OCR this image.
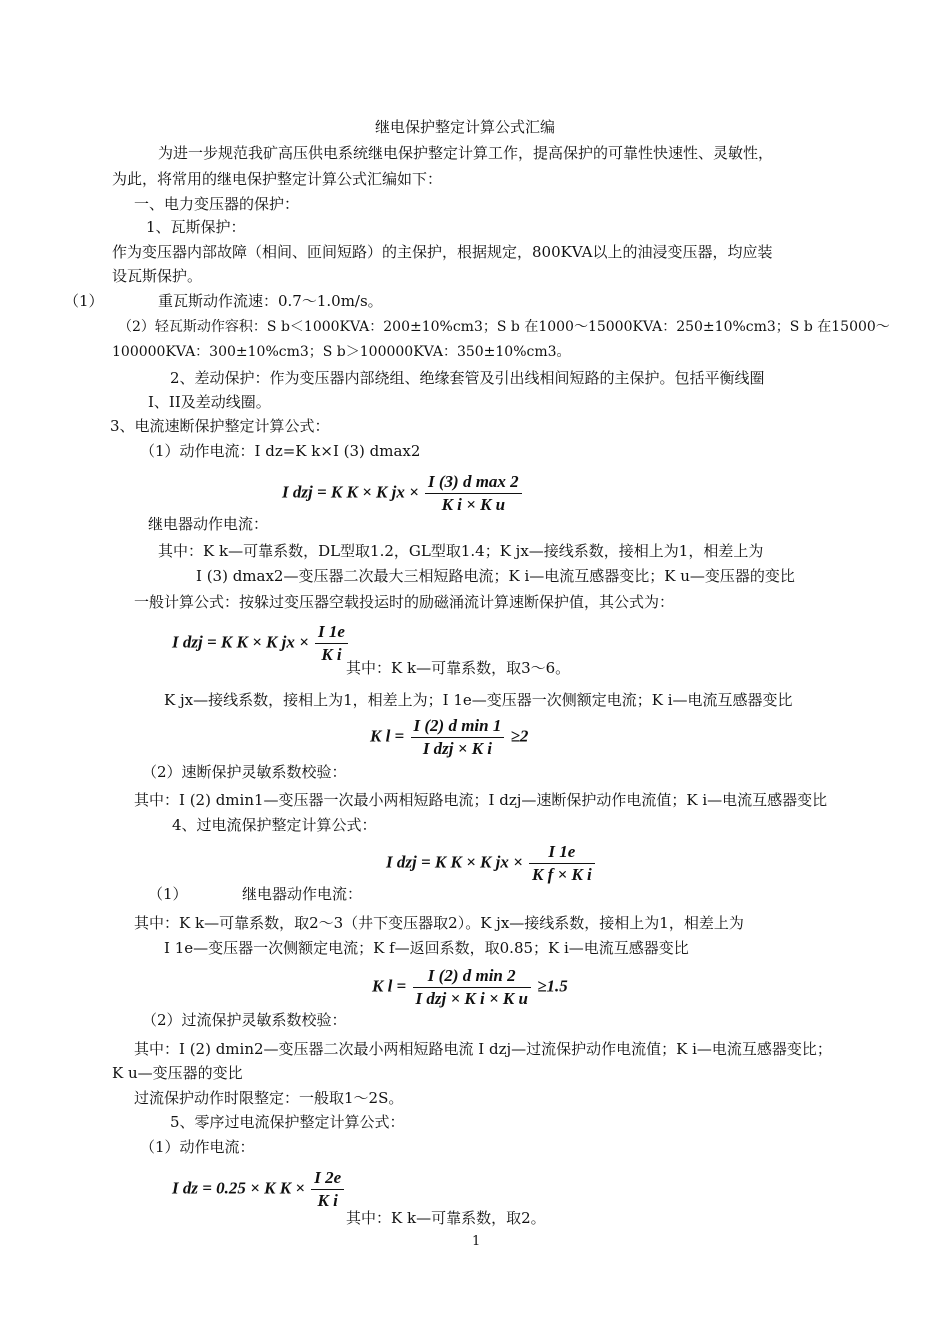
继电保护整定计算公式汇编
为进一步规范我矿高压供电系统继电保护整定计算工作，提高保护的可靠性快速性、灵敏性，
为此，将常用的继电保护整定计算公式汇编如下：
一、电力变压器的保护：
1、瓦斯保护：
作为变压器内部故障（相间、匝间短路）的主保护，根据规定，800KVA以上的油浸变压器，均应装
设瓦斯保护。
（1）	重瓦斯动作流速：0.7～1.0m/s。
（2）轻瓦斯动作容积：S b＜1000KVA：200±10%cm3；S b 在1000～15000KVA：250±10%cm3；S b 在15000～
100000KVA：300±10%cm3；S b＞100000KVA：350±10%cm3。
2、差动保护：作为变压器内部绕组、绝缘套管及引出线相间短路的主保护。包括平衡线圈
Ⅰ、II及差动线圈。
3、电流速断保护整定计算公式：
（1）动作电流：I dz=K k×I (3) dmax2
I dzj = K K × K jx × $\frac{\text{I (3) d max 2}}{\text{K i × K u}}$
继电器动作电流：
其中：K k—可靠系数，DL型取1.2，GL型取1.4；K jx—接线系数，接相上为1，相差上为
I (3) dmax2—变压器二次最大三相短路电流；K i—电流互感器变比；K u—变压器的变比
一般计算公式：按躲过变压器空载投运时的励磁涌流计算速断保护值，其公式为：
I dzj = K K × K jx × $\frac{I 1e}{\text{K i}}$
其中：K k—可靠系数，取3～6。
K jx—接线系数，接相上为1，相差上为；I 1e—变压器一次侧额定电流；K i—电流互感器变比
K $l = \frac{\text{I (2) d min 1}}{\text{I dzj × K i}} \ge 2$
（2）速断保护灵敏系数校验：
其中：I (2) dmin1—变压器一次最小两相短路电流；I dzj—速断保护动作电流值；K i—电流互感器变比
4、过电流保护整定计算公式：
I dzj = K K × K jx × $\frac{I 1e}{\text{K f × K i}}$
（1）	继电器动作电流：
其中：K k—可靠系数，取2～3（井下变压器取2）。K jx—接线系数，接相上为1，相差上为
I 1e—变压器一次侧额定电流；K f—返回系数，取0.85；K i—电流互感器变比
K $l = \frac{\text{I (2) d min 2}}{\text{I dzj × K i × K u}} \ge 1.5$
（2）过流保护灵敏系数校验：
其中：I (2) dmin2—变压器二次最小两相短路电流 I dzj—过流保护动作电流值；K i—电流互感器变比；
K u—变压器的变比
过流保护动作时限整定：一般取1～2S。
5、零序过电流保护整定计算公式：
（1）动作电流：
I dz = 0.25 × K $K \times \frac{I 2e}{\text{K i}}$
其中：K k—可靠系数，取2。
1
